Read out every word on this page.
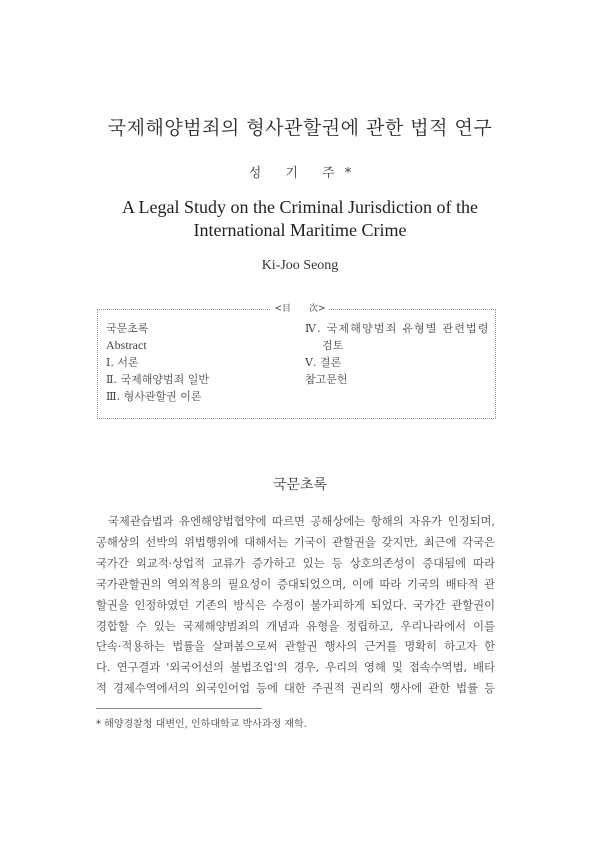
국제해양범죄의 형사관할권에 관한 법적 연구
성 기 주*
A Legal Study on the Criminal Jurisdiction of the
International Maritime Crime
Ki-Joo Seong
국문초록
Abstract
Ⅰ. 서론
Ⅱ. 국제해양범죄 일반
Ⅲ. 형사관할권 이론
Ⅳ. 국제해양범죄 유형별 관련법령
검토
Ⅴ. 결론
참고문헌
<目　　次>
국문초록
국제관습법과 유엔해양법협약에 따르면 공해상에는 항해의 자유가 인정되며,
공해상의 선박의 위법행위에 대해서는 기국이 관할권을 갖지만, 최근에 각국은
국가간 외교적·상업적 교류가 증가하고 있는 등 상호의존성이 증대됨에 따라
국가관할권의 역외적용의 필요성이 증대되었으며, 이에 따라 기국의 배타적 관
할권을 인정하였던 기존의 방식은 수정이 불가피하게 되었다. 국가간 관할권이
경합할 수 있는 국제해양범죄의 개념과 유형을 정립하고, 우리나라에서 이를
단속·적용하는 법률을 살펴봄으로써 관할권 행사의 근거를 명확히 하고자 한
다. 연구결과 '외국어선의 불법조업'의 경우, 우리의 영해 및 접속수역법, 배타
적 경제수역에서의 외국인어업 등에 대한 주권적 권리의 행사에 관한 법률 등
* 해양경찰청 대변인, 인하대학교 박사과정 재학.
